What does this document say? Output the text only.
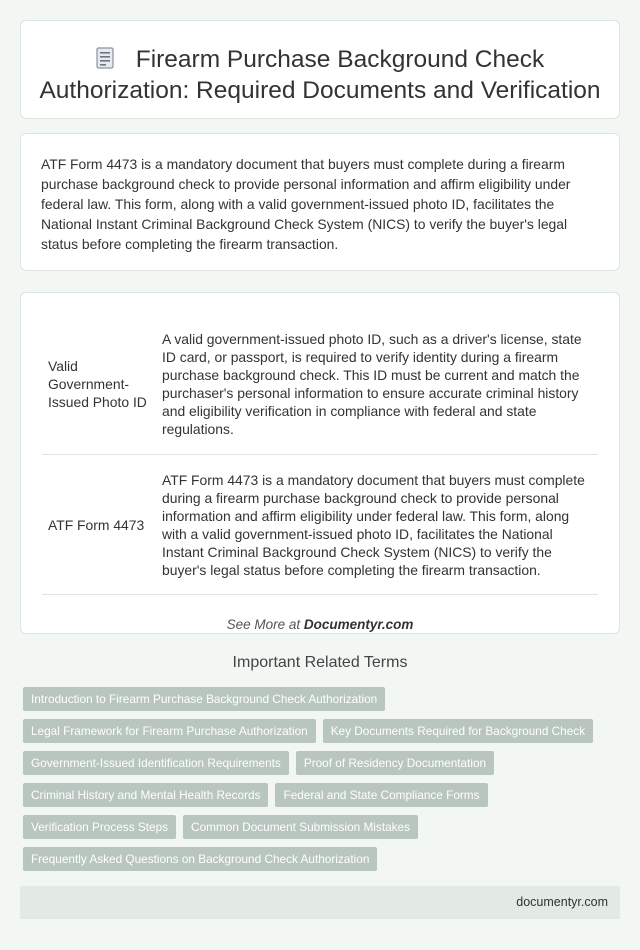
Firearm Purchase Background Check Authorization: Required Documents and Verification

ATF Form 4473 is a mandatory document that buyers must complete during a firearm purchase background check to provide personal information and affirm eligibility under federal law. This form, along with a valid government-issued photo ID, facilitates the National Instant Criminal Background Check System (NICS) to verify the buyer's legal status before completing the firearm transaction.

Valid Government-Issued Photo ID	A valid government-issued photo ID, such as a driver's license, state ID card, or passport, is required to verify identity during a firearm purchase background check. This ID must be current and match the purchaser's personal information to ensure accurate criminal history and eligibility verification in compliance with federal and state regulations.
ATF Form 4473	ATF Form 4473 is a mandatory document that buyers must complete during a firearm purchase background check to provide personal information and affirm eligibility under federal law. This form, along with a valid government-issued photo ID, facilitates the National Instant Criminal Background Check System (NICS) to verify the buyer's legal status before completing the firearm transaction.
See More at Documentyr.com
Important Related Terms
Introduction to Firearm Purchase Background Check Authorization
Legal Framework for Firearm Purchase Authorization	Key Documents Required for Background Check
Government-Issued Identification Requirements	Proof of Residency Documentation
Criminal History and Mental Health Records	Federal and State Compliance Forms
Verification Process Steps	Common Document Submission Mistakes
Frequently Asked Questions on Background Check Authorization
documentyr.com
